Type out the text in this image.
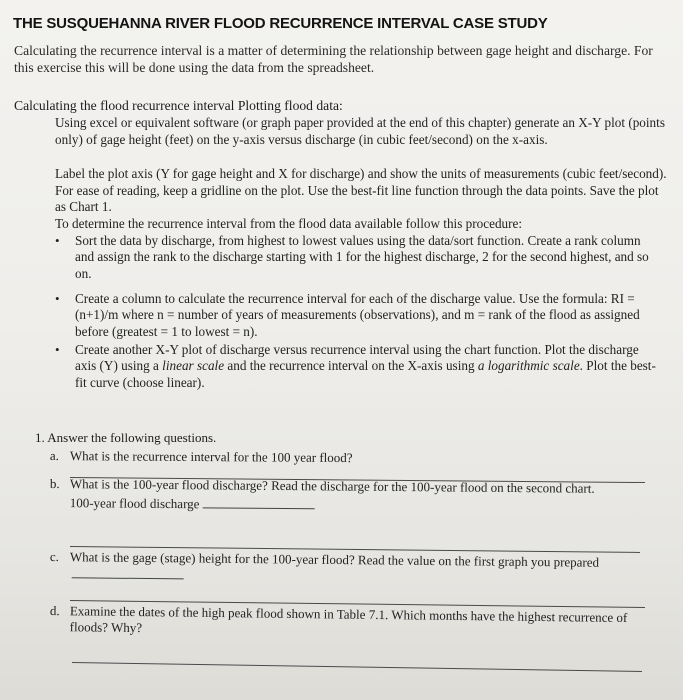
THE SUSQUEHANNA RIVER FLOOD RECURRENCE INTERVAL CASE STUDY

Calculating the recurrence interval is a matter of determining the relationship between gage height and discharge. For this exercise this will be done using the data from the spreadsheet.

Calculating the flood recurrence interval Plotting flood data:

Using excel or equivalent software (or graph paper provided at the end of this chapter) generate an X-Y plot (points only) of gage height (feet) on the y-axis versus discharge (in cubic feet/second) on the x-axis.

Label the plot axis (Y for gage height and X for discharge) and show the units of measurements (cubic feet/second). For ease of reading, keep a gridline on the plot. Use the best-fit line function through the data points. Save the plot as Chart 1.

To determine the recurrence interval from the flood data available follow this procedure:

• Sort the data by discharge, from highest to lowest values using the data/sort function. Create a rank column and assign the rank to the discharge starting with 1 for the highest discharge, 2 for the second highest, and so on.
• Create a column to calculate the recurrence interval for each of the discharge value. Use the formula: RI = (n+1)/m where n = number of years of measurements (observations), and m = rank of the flood as assigned before (greatest = 1 to lowest = n).
• Create another X-Y plot of discharge versus recurrence interval using the chart function. Plot the discharge axis (Y) using a linear scale and the recurrence interval on the X-axis using a logarithmic scale. Plot the best-fit curve (choose linear).

1. Answer the following questions.

a. What is the recurrence interval for the 100 year flood?
b. What is the 100-year flood discharge? Read the discharge for the 100-year flood on the second chart.
100-year flood discharge
c. What is the gage (stage) height for the 100-year flood? Read the value on the first graph you prepared
d. Examine the dates of the high peak flood shown in Table 7.1. Which months have the highest recurrence of floods? Why?
